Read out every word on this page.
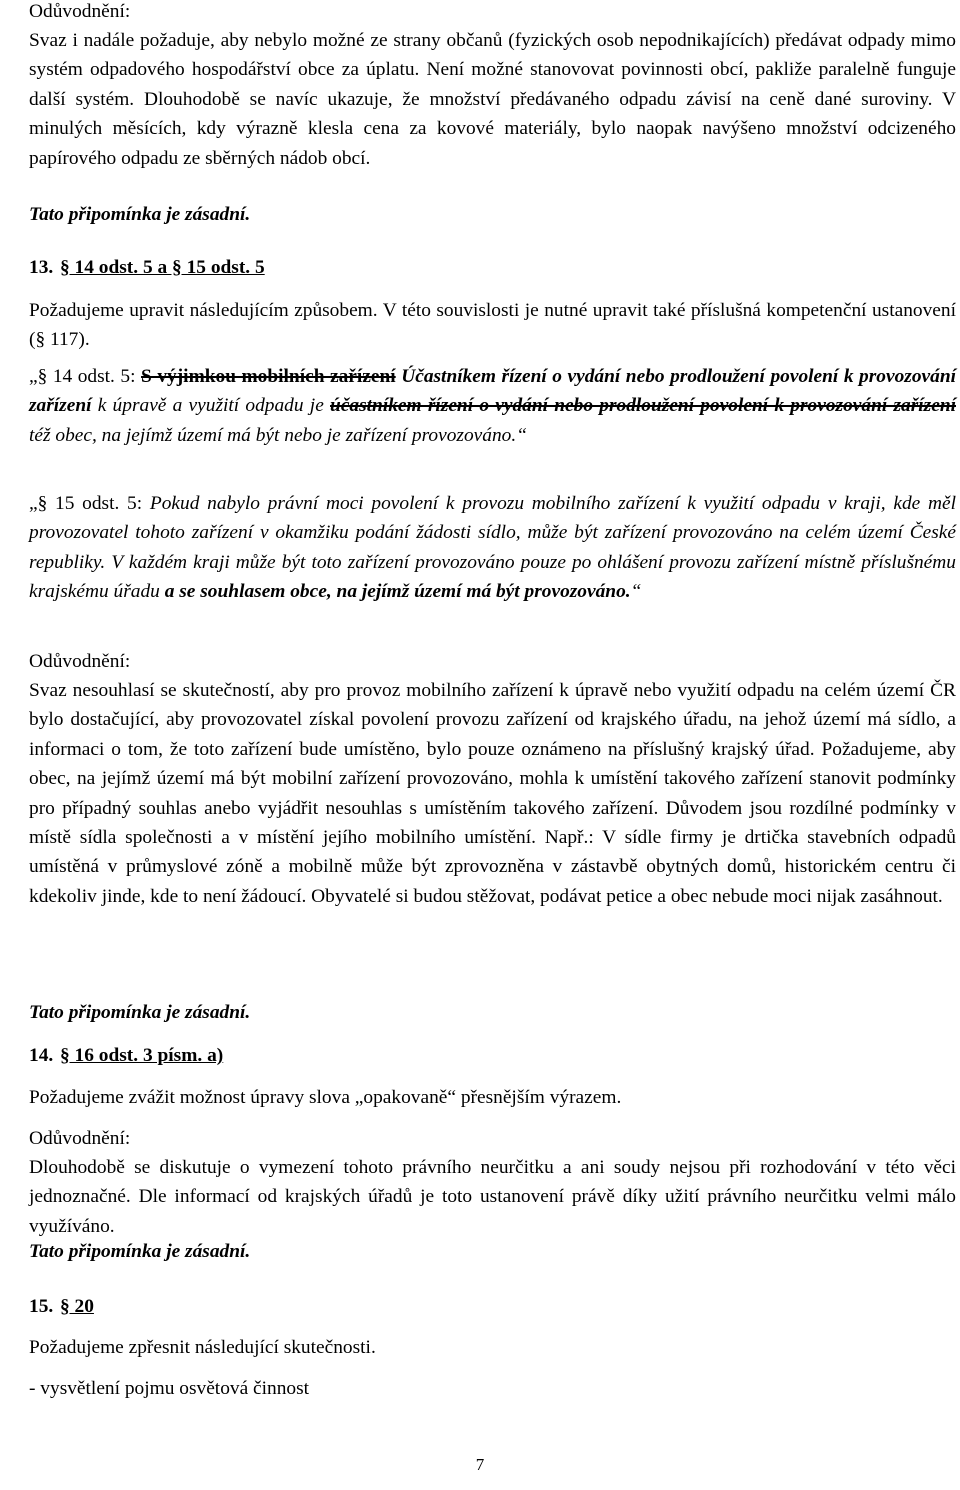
Odůvodnění:

Svaz i nadále požaduje, aby nebylo možné ze strany občanů (fyzických osob nepodnikajících) předávat odpady mimo systém odpadového hospodářství obce za úplatu. Není možné stanovovat povinnosti obcí, pakliže paralelně funguje další systém. Dlouhodobě se navíc ukazuje, že množství předávaného odpadu závisí na ceně dané suroviny. V minulých měsících, kdy výrazně klesla cena za kovové materiály, bylo naopak navýšeno množství odcizeného papírového odpadu ze sběrných nádob obcí.

Tato připomínka je zásadní.
13. § 14 odst. 5 a § 15 odst. 5

Požadujeme upravit následujícím způsobem. V této souvislosti je nutné upravit také příslušná kompetenční ustanovení (§ 117).

„§ 14 odst. 5: S výjimkou mobilních zařízení Účastníkem řízení o vydání nebo prodloužení povolení k provozování zařízení k úpravě a využití odpadu je účastníkem řízení o vydání nebo prodloužení povolení k provozování zařízení též obec, na jejímž území má být nebo je zařízení provozováno.“

„§ 15 odst. 5: Pokud nabylo právní moci povolení k provozu mobilního zařízení k využití odpadu v kraji, kde měl provozovatel tohoto zařízení v okamžiku podání žádosti sídlo, může být zařízení provozováno na celém území České republiky. V každém kraji může být toto zařízení provozováno pouze po ohlášení provozu zařízení místně příslušnému krajskému úřadu a se souhlasem obce, na jejímž území má být provozováno.“

Odůvodnění:

Svaz nesouhlasí se skutečností, aby pro provoz mobilního zařízení k úpravě nebo využití odpadu na celém území ČR bylo dostačující, aby provozovatel získal povolení provozu zařízení od krajského úřadu, na jehož území má sídlo, a informaci o tom, že toto zařízení bude umístěno, bylo pouze oznámeno na příslušný krajský úřad. Požadujeme, aby obec, na jejímž území má být mobilní zařízení provozováno, mohla k umístění takového zařízení stanovit podmínky pro případný souhlas anebo vyjádřit nesouhlas s umístěním takového zařízení. Důvodem jsou rozdílné podmínky v místě sídla společnosti a v místění jejího mobilního umístění. Např.: V sídle firmy je drtička stavebních odpadů umístěná v průmyslové zóně a mobilně může být zprovozněna v zástavbě obytných domů, historickém centru či kdekoliv jinde, kde to není žádoucí. Obyvatelé si budou stěžovat, podávat petice a obec nebude moci nijak zasáhnout.

Tato připomínka je zásadní.
14. § 16 odst. 3 písm. a)

Požadujeme zvážit možnost úpravy slova „opakovaně“ přesnějším výrazem.

Odůvodnění:

Dlouhodobě se diskutuje o vymezení tohoto právního neurčitku a ani soudy nejsou při rozhodování v této věci jednoznačné. Dle informací od krajských úřadů je toto ustanovení právě díky užití právního neurčitku velmi málo využíváno.

Tato připomínka je zásadní.
15. § 20

Požadujeme zpřesnit následující skutečnosti.

- vysvětlení pojmu osvětová činnost

7
